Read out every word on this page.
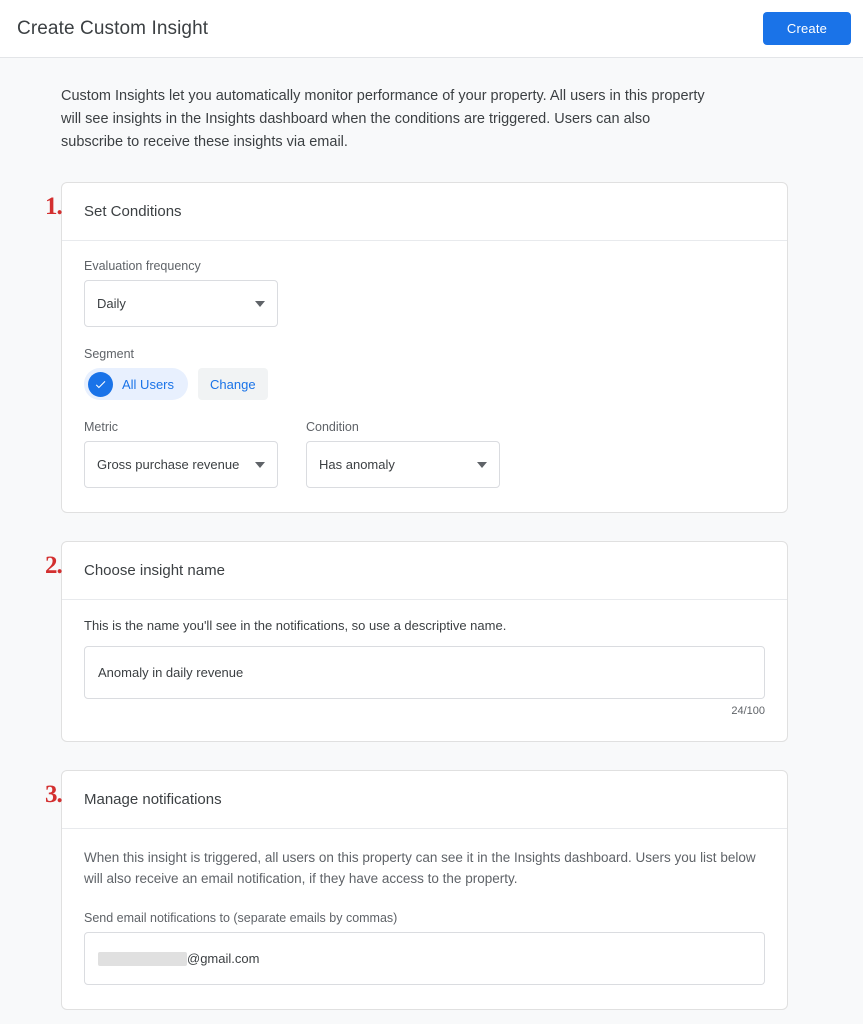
Create Custom Insight	Create
Custom Insights let you automatically monitor performance of your property. All users in this property will see insights in the Insights dashboard when the conditions are triggered. Users can also subscribe to receive these insights via email.
1. Set Conditions
Evaluation frequency
Daily
Segment
All Users	Change
Metric
Gross purchase revenue
Condition
Has anomaly
2. Choose insight name
This is the name you'll see in the notifications, so use a descriptive name.
Anomaly in daily revenue
24/100
3. Manage notifications
When this insight is triggered, all users on this property can see it in the Insights dashboard. Users you list below will also receive an email notification, if they have access to the property.
Send email notifications to (separate emails by commas)
@gmail.com
